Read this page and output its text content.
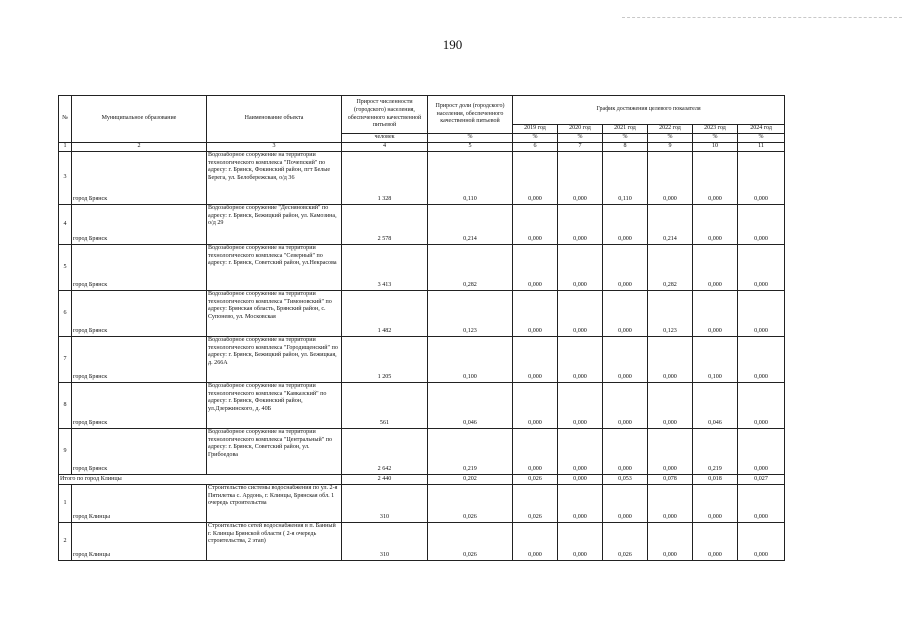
190
№	Муниципальное образование	Наименование объекта	Прирост численности (городского) населения, обеспеченного качественной питьевой	Прирост доли (городского) населения, обеспеченного качественной питьевой	График достижения целевого показателя					
					2019 год	2020 год	2021 год	2022 год	2023 год	2024 год
			человек	%	%	%	%	%	%	%
1	2	3	4	5	6	7	8	9	10	11
3	город Брянск	Водозаборное сооружение на территории технологического комплекса "Почепский" по адресу: г. Брянск, Фокинский район, пгт Белые Берега, ул. Белобережская, о/д 36	1 328	0,110	0,000	0,000	0,110	0,000	0,000	0,000
4	город Брянск	Водозаборное сооружение "Десняновский" по адресу: г. Брянск, Бежицкий район, ул. Камозина, о/д 29	2 578	0,214	0,000	0,000	0,000	0,214	0,000	0,000
5	город Брянск	Водозаборное сооружение на территории технологического комплекса "Северный" по адресу: г. Брянск, Советский район, ул.Некрасова	3 413	0,282	0,000	0,000	0,000	0,282	0,000	0,000
6	город Брянск	Водозаборное сооружение на территории технологического комплекса "Тимоновский" по адресу: Брянская область, Брянский район, с. Супонево, ул. Московская	1 482	0,123	0,000	0,000	0,000	0,123	0,000	0,000
7	город Брянск	Водозаборное сооружение на территории технологического комплекса "Городищенский" по адресу: г. Брянск, Бежицкий район, ул. Бежицкая, д. 266А	1 205	0,100	0,000	0,000	0,000	0,000	0,100	0,000
8	город Брянск	Водозаборное сооружение на территории технологического комплекса "Кавказский" по адресу: г. Брянск, Фокинский район, ул.Дзержинского, д. 40Б	561	0,046	0,000	0,000	0,000	0,000	0,046	0,000
9	город Брянск	Водозаборное сооружение на территории технологического комплекса "Центральный" по адресу: г. Брянск, Советский район, ул. Грибоедова	2 642	0,219	0,000	0,000	0,000	0,000	0,219	0,000
Итого по город Клинцы			2 440	0,202	0,026	0,000	0,053	0,078	0,018	0,027
1	город Клинцы	Строительство системы водоснабжения по ул. 2-я Пятилетка с. Ардонь, г. Клинцы, Брянская обл. 1 очередь строительства	310	0,026	0,026	0,000	0,000	0,000	0,000	0,000
2	город Клинцы	Строительство сетей водоснабжения в п. Банный г. Клинцы Брянской области ( 2-я очередь строительства, 2 этап)	310	0,026	0,000	0,000	0,026	0,000	0,000	0,000
